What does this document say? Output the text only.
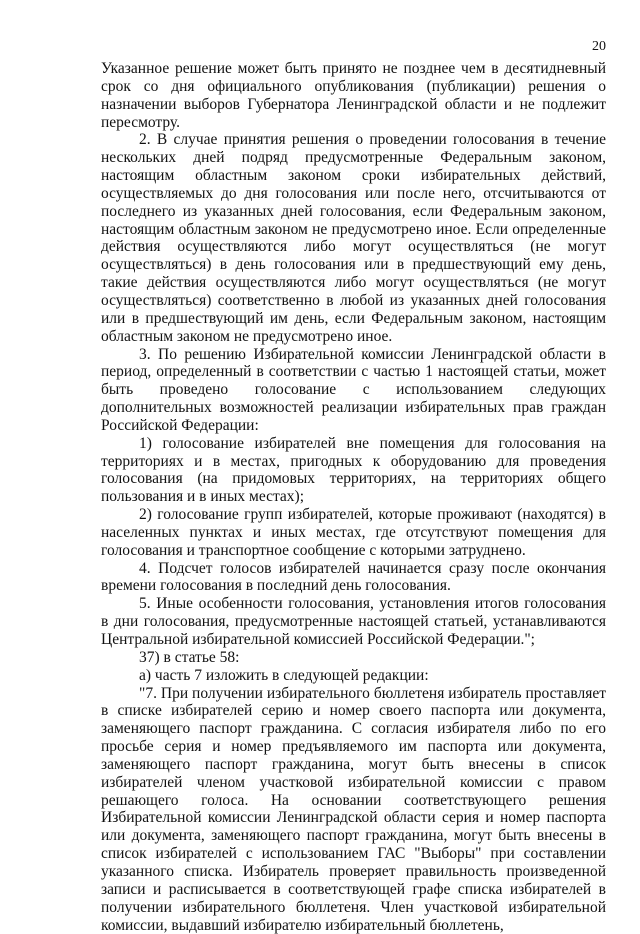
20

Указанное решение может быть принято не позднее чем в десятидневный срок со дня официального опубликования (публикации) решения о назначении выборов Губернатора Ленинградской области и не подлежит пересмотру.

2. В случае принятия решения о проведении голосования в течение нескольких дней подряд предусмотренные Федеральным законом, настоящим областным законом сроки избирательных действий, осуществляемых до дня голосования или после него, отсчитываются от последнего из указанных дней голосования, если Федеральным законом, настоящим областным законом не предусмотрено иное. Если определенные действия осуществляются либо могут осуществляться (не могут осуществляться) в день голосования или в предшествующий ему день, такие действия осуществляются либо могут осуществляться (не могут осуществляться) соответственно в любой из указанных дней голосования или в предшествующий им день, если Федеральным законом, настоящим областным законом не предусмотрено иное.

3. По решению Избирательной комиссии Ленинградской области в период, определенный в соответствии с частью 1 настоящей статьи, может быть проведено голосование с использованием следующих дополнительных возможностей реализации избирательных прав граждан Российской Федерации:

1) голосование избирателей вне помещения для голосования на территориях и в местах, пригодных к оборудованию для проведения голосования (на придомовых территориях, на территориях общего пользования и в иных местах);

2) голосование групп избирателей, которые проживают (находятся) в населенных пунктах и иных местах, где отсутствуют помещения для голосования и транспортное сообщение с которыми затруднено.

4. Подсчет голосов избирателей начинается сразу после окончания времени голосования в последний день голосования.

5. Иные особенности голосования, установления итогов голосования в дни голосования, предусмотренные настоящей статьей, устанавливаются Центральной избирательной комиссией Российской Федерации.";

37) в статье 58:

а) часть 7 изложить в следующей редакции:

"7. При получении избирательного бюллетеня избиратель проставляет в списке избирателей серию и номер своего паспорта или документа, заменяющего паспорт гражданина. С согласия избирателя либо по его просьбе серия и номер предъявляемого им паспорта или документа, заменяющего паспорт гражданина, могут быть внесены в список избирателей членом участковой избирательной комиссии с правом решающего голоса. На основании соответствующего решения Избирательной комиссии Ленинградской области серия и номер паспорта или документа, заменяющего паспорт гражданина, могут быть внесены в список избирателей с использованием ГАС "Выборы" при составлении указанного списка. Избиратель проверяет правильность произведенной записи и расписывается в соответствующей графе списка избирателей в получении избирательного бюллетеня. Член участковой избирательной комиссии, выдавший избирателю избирательный бюллетень,
